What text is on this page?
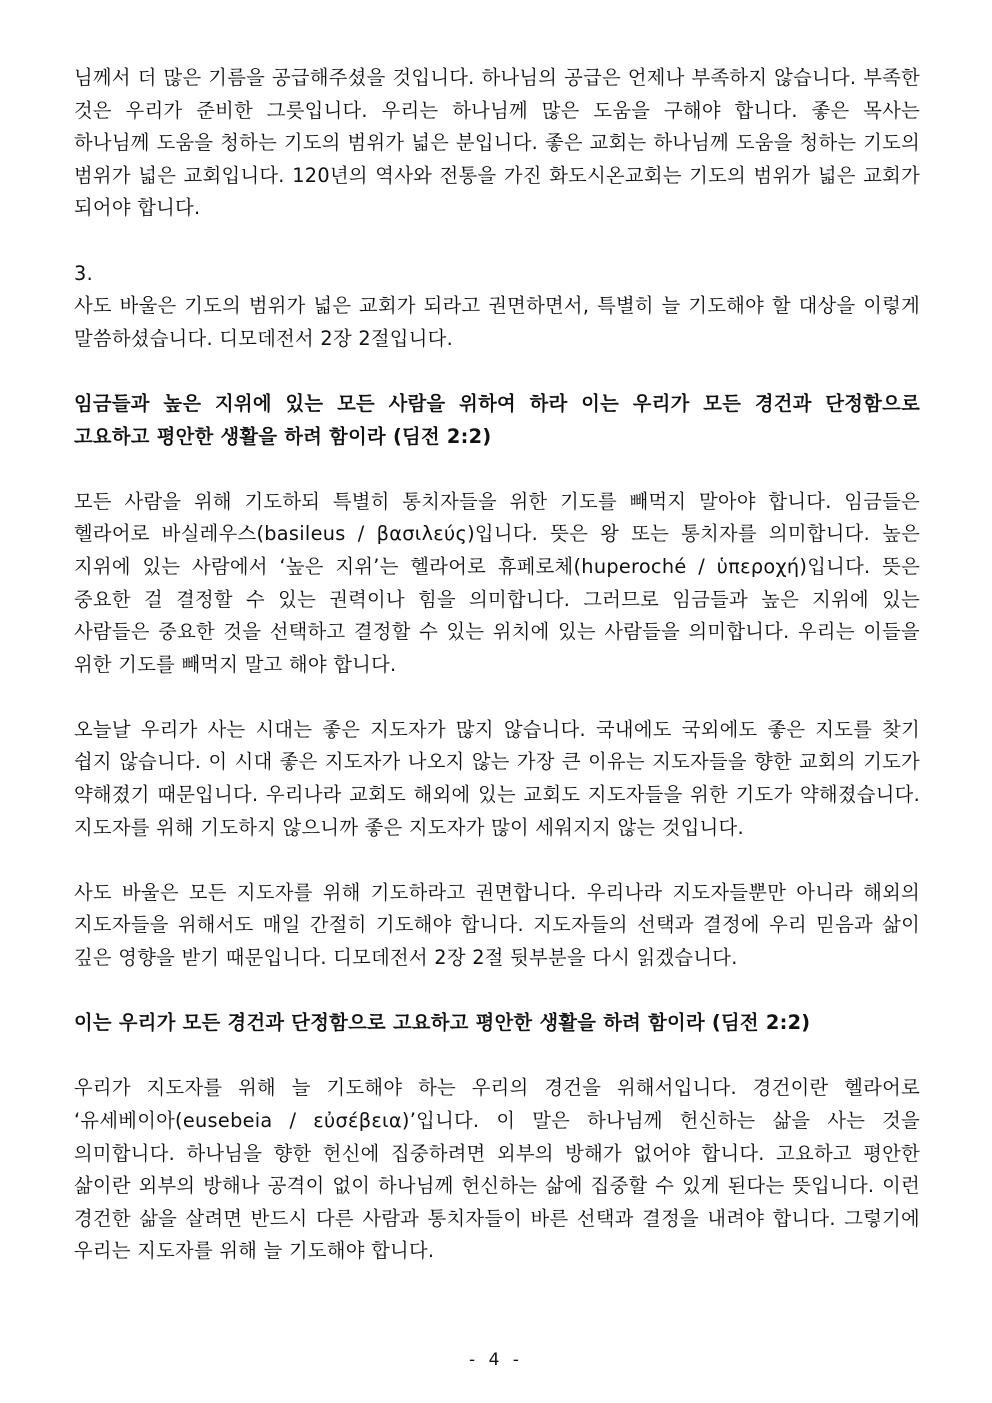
님께서 더 많은 기름을 공급해주셨을 것입니다. 하나님의 공급은 언제나 부족하지 않습니다. 부족한 것은 우리가 준비한 그릇입니다. 우리는 하나님께 많은 도움을 구해야 합니다. 좋은 목사는 하나님께 도움을 청하는 기도의 범위가 넓은 분입니다. 좋은 교회는 하나님께 도움을 청하는 기도의 범위가 넓은 교회입니다. 120년의 역사와 전통을 가진 화도시온교회는 기도의 범위가 넓은 교회가 되어야 합니다.

3.

사도 바울은 기도의 범위가 넓은 교회가 되라고 권면하면서, 특별히 늘 기도해야 할 대상을 이렇게 말씀하셨습니다. 디모데전서 2장 2절입니다.

임금들과 높은 지위에 있는 모든 사람을 위하여 하라 이는 우리가 모든 경건과 단정함으로 고요하고 평안한 생활을 하려 함이라 (딤전 2:2)

모든 사람을 위해 기도하되 특별히 통치자들을 위한 기도를 빼먹지 말아야 합니다. 임금들은 헬라어로 바실레우스(basileus / βασιλεύς)입니다. 뜻은 왕 또는 통치자를 의미합니다. 높은 지위에 있는 사람에서 ‘높은 지위’는 헬라어로 휴페로체(huperoché / ὑπεροχή)입니다. 뜻은 중요한 걸 결정할 수 있는 권력이나 힘을 의미합니다. 그러므로 임금들과 높은 지위에 있는 사람들은 중요한 것을 선택하고 결정할 수 있는 위치에 있는 사람들을 의미합니다. 우리는 이들을 위한 기도를 빼먹지 말고 해야 합니다.

오늘날 우리가 사는 시대는 좋은 지도자가 많지 않습니다. 국내에도 국외에도 좋은 지도를 찾기 쉽지 않습니다. 이 시대 좋은 지도자가 나오지 않는 가장 큰 이유는 지도자들을 향한 교회의 기도가 약해졌기 때문입니다. 우리나라 교회도 해외에 있는 교회도 지도자들을 위한 기도가 약해졌습니다. 지도자를 위해 기도하지 않으니까 좋은 지도자가 많이 세워지지 않는 것입니다.

사도 바울은 모든 지도자를 위해 기도하라고 권면합니다. 우리나라 지도자들뿐만 아니라 해외의 지도자들을 위해서도 매일 간절히 기도해야 합니다. 지도자들의 선택과 결정에 우리 믿음과 삶이 깊은 영향을 받기 때문입니다. 디모데전서 2장 2절 뒷부분을 다시 읽겠습니다.

이는 우리가 모든 경건과 단정함으로 고요하고 평안한 생활을 하려 함이라 (딤전 2:2)

우리가 지도자를 위해 늘 기도해야 하는 우리의 경건을 위해서입니다. 경건이란 헬라어로 ‘유세베이아(eusebeia / εὐσέβεια)’입니다. 이 말은 하나님께 헌신하는 삶을 사는 것을 의미합니다. 하나님을 향한 헌신에 집중하려면 외부의 방해가 없어야 합니다. 고요하고 평안한 삶이란 외부의 방해나 공격이 없이 하나님께 헌신하는 삶에 집중할 수 있게 된다는 뜻입니다. 이런 경건한 삶을 살려면 반드시 다른 사람과 통치자들이 바른 선택과 결정을 내려야 합니다. 그렇기에 우리는 지도자를 위해 늘 기도해야 합니다.

- 4 -
